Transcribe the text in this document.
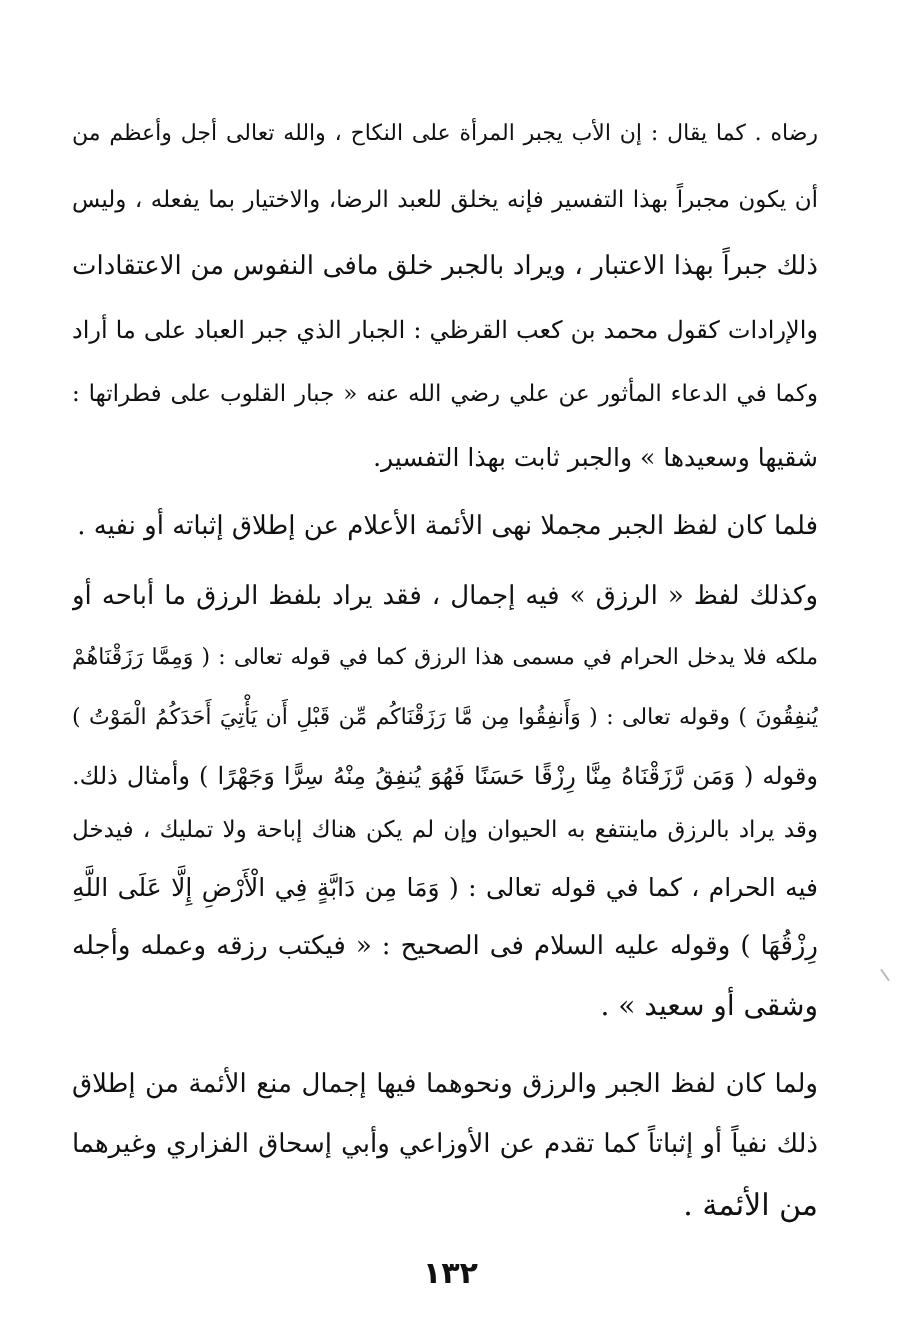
رضاه . كما يقال : إن الأب يجبر المرأة على النكاح ، والله تعالى أجل وأعظم من
أن يكون مجبراً بهذا التفسير فإنه يخلق للعبد الرضا، والاختيار بما يفعله ، وليس
ذلك جبراً بهذا الاعتبار ، ويراد بالجبر خلق مافى النفوس من الاعتقادات
والإرادات كقول محمد بن كعب القرظي : الجبار الذي جبر العباد على ما أراد
وكما في الدعاء المأثور عن علي رضي الله عنه « جبار القلوب على فطراتها :
شقيها وسعيدها » والجبر ثابت بهذا التفسير.
فلما كان لفظ الجبر مجملا نهى الأئمة الأعلام عن إطلاق إثباته أو نفيه .
وكذلك لفظ « الرزق » فيه إجمال ، فقد يراد بلفظ الرزق ما أباحه أو
ملكه فلا يدخل الحرام في مسمى هذا الرزق كما في قوله تعالى : ( وَمِمَّا رَزَقْنَاهُمْ
يُنفِقُونَ ) وقوله تعالى : ( وَأَنفِقُوا مِن مَّا رَزَقْنَاكُم مِّن قَبْلِ أَن يَأْتِيَ أَحَدَكُمُ الْمَوْتُ )
وقوله ( وَمَن رَّزَقْنَاهُ مِنَّا رِزْقًا حَسَنًا فَهُوَ يُنفِقُ مِنْهُ سِرًّا وَجَهْرًا ) وأمثال ذلك.
وقد يراد بالرزق ماينتفع به الحيوان وإن لم يكن هناك إباحة ولا تمليك ، فيدخل
فيه الحرام ، كما في قوله تعالى : ( وَمَا مِن دَابَّةٍ فِي الْأَرْضِ إِلَّا عَلَى اللَّهِ
رِزْقُهَا ) وقوله عليه السلام فى الصحيح : « فيكتب رزقه وعمله وأجله
وشقى أو سعيد » .
ولما كان لفظ الجبر والرزق ونحوهما فيها إجمال منع الأئمة من إطلاق
ذلك نفياً أو إثباتاً كما تقدم عن الأوزاعي وأبي إسحاق الفزاري وغيرهما
من الأئمة .
١٣٢
